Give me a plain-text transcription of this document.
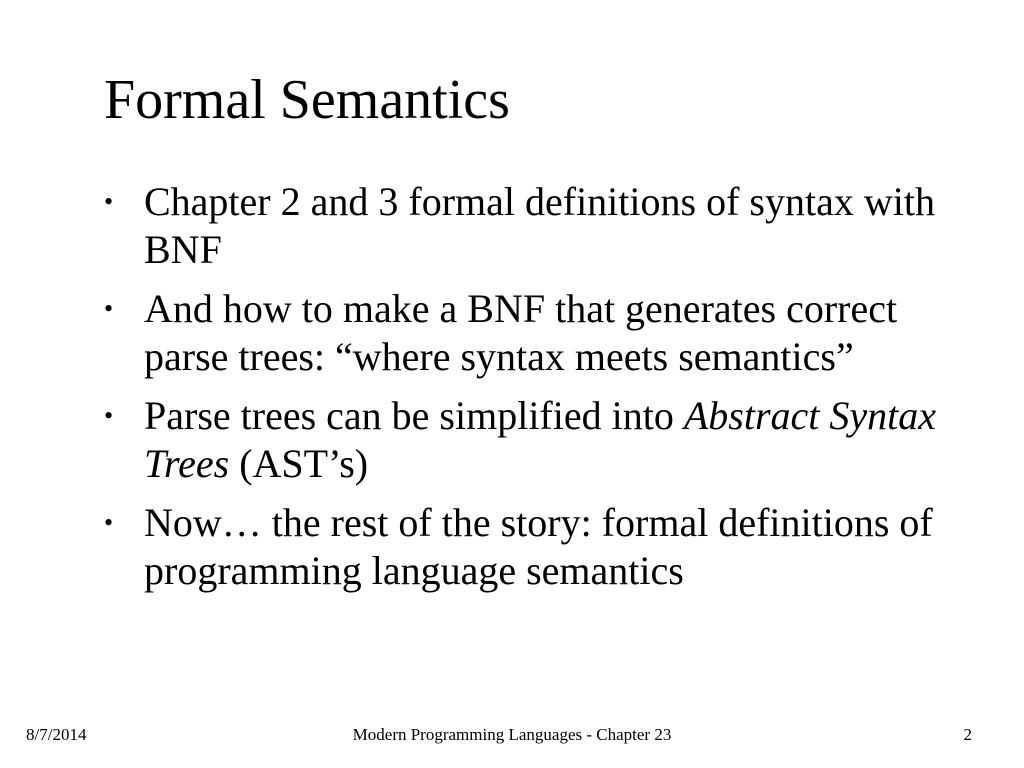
Formal Semantics
• Chapter 2 and 3 formal definitions of syntax with BNF
• And how to make a BNF that generates correct parse trees: “where syntax meets semantics”
• Parse trees can be simplified into Abstract Syntax Trees (AST’s)
• Now… the rest of the story: formal definitions of programming language semantics
8/7/2014	Modern Programming Languages - Chapter 23	2
